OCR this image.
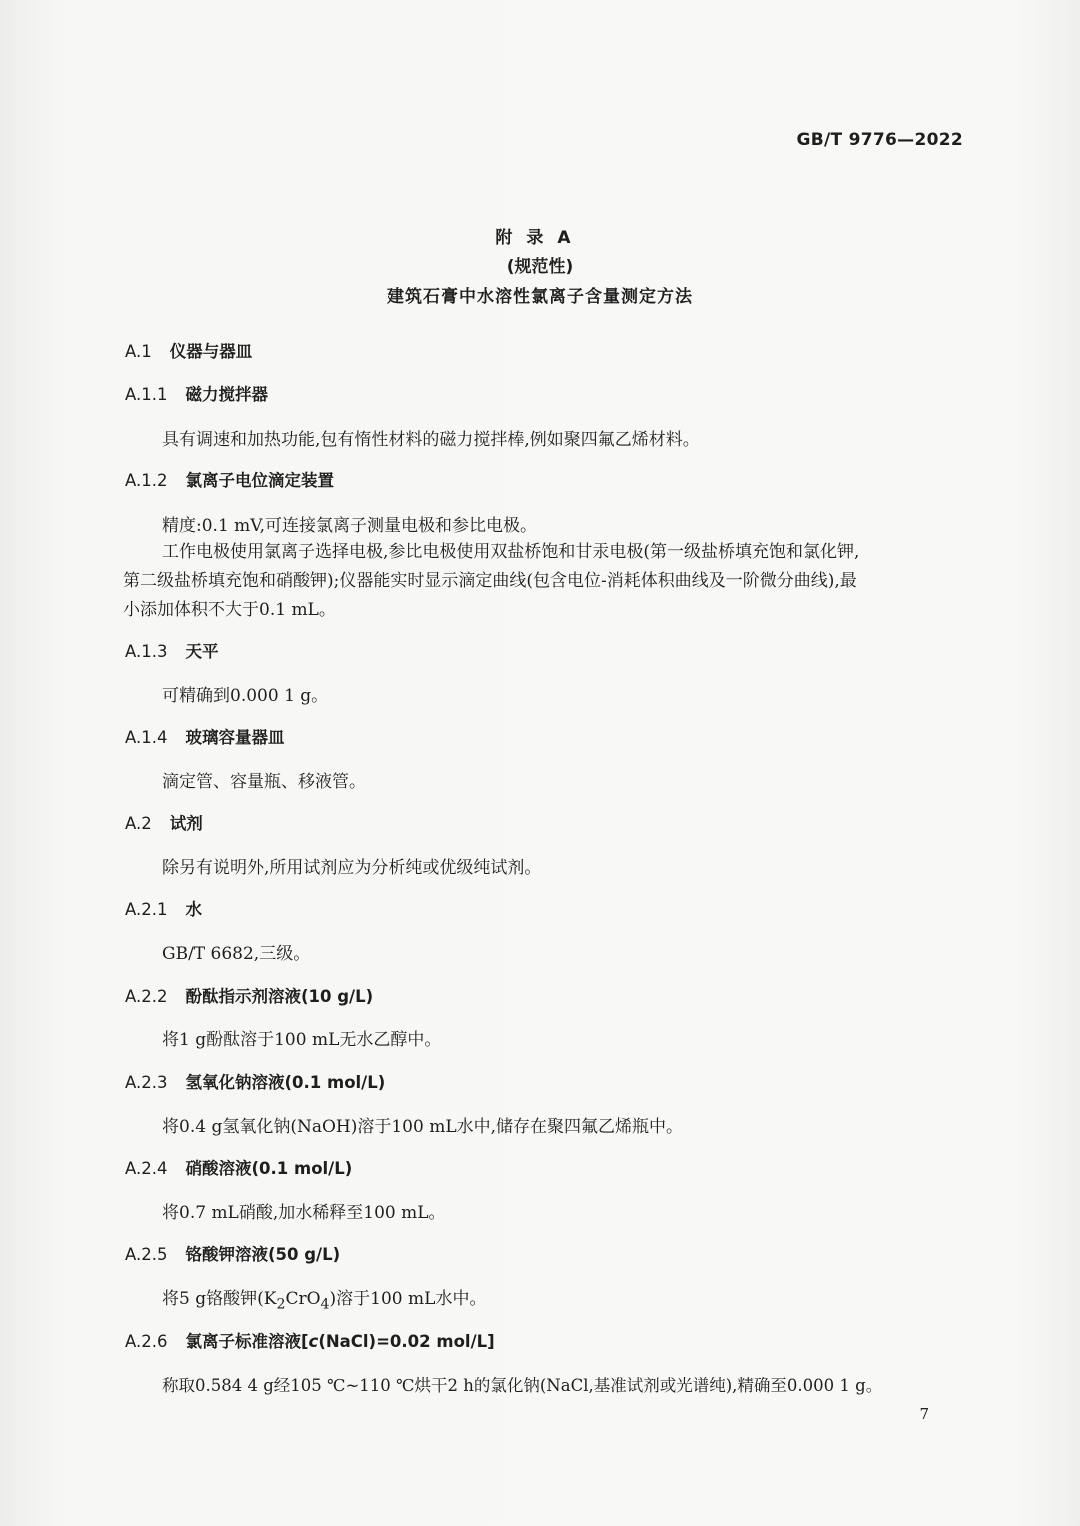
GB/T 9776—2022
附录A
(规范性)
建筑石膏中水溶性氯离子含量测定方法
A.1 仪器与器皿
A.1.1 磁力搅拌器
具有调速和加热功能,包有惰性材料的磁力搅拌棒,例如聚四氟乙烯材料。
A.1.2 氯离子电位滴定装置
精度:0.1 mV,可连接氯离子测量电极和参比电极。
工作电极使用氯离子选择电极,参比电极使用双盐桥饱和甘汞电极(第一级盐桥填充饱和氯化钾,
第二级盐桥填充饱和硝酸钾);仪器能实时显示滴定曲线(包含电位-消耗体积曲线及一阶微分曲线),最
小添加体积不大于0.1 mL。
A.1.3 天平
可精确到0.000 1 g。
A.1.4 玻璃容量器皿
滴定管、容量瓶、移液管。
A.2 试剂
除另有说明外,所用试剂应为分析纯或优级纯试剂。
A.2.1 水
GB/T 6682,三级。
A.2.2 酚酞指示剂溶液(10 g/L)
将1 g酚酞溶于100 mL无水乙醇中。
A.2.3 氢氧化钠溶液(0.1 mol/L)
将0.4 g氢氧化钠(NaOH)溶于100 mL水中,储存在聚四氟乙烯瓶中。
A.2.4 硝酸溶液(0.1 mol/L)
将0.7 mL硝酸,加水稀释至100 mL。
A.2.5 铬酸钾溶液(50 g/L)
将5 g铬酸钾$(K_2CrO_4)$溶于100 mL水中。
A.2.6 氯离子标准溶液[c(NaCl)=0.02 mol/L]
称取0.584 4 g经105 ℃~110 ℃烘干2 h的氯化钠(NaCl,基准试剂或光谱纯),精确至0.000 1 g。
7
